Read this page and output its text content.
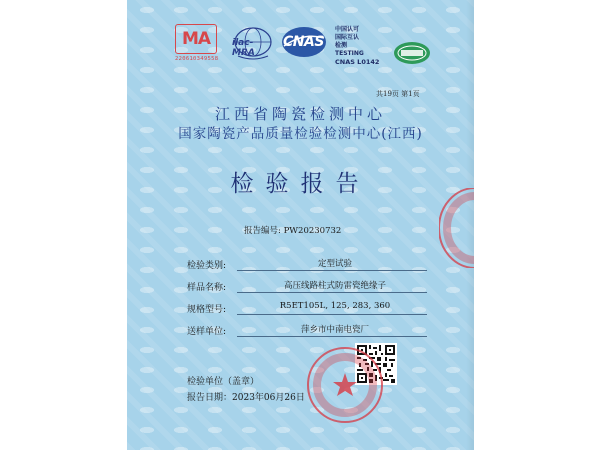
MA
220610349558
ilac-MRA
CNAS
中国认可
国际互认
检测
TESTING
CNAS L0142
共19页 第1页
江西省陶瓷检测中心
国家陶瓷产品质量检验检测中心(江西)
检验报告
报告编号: PW20230732
检验类别:	定型试验
样品名称:	高压线路柱式防雷瓷绝缘子
规格型号:	R5ET105L, 125, 283, 360
送样单位:	萍乡市中南电瓷厂
检验单位（盖章）
报告日期：2023年06月26日
